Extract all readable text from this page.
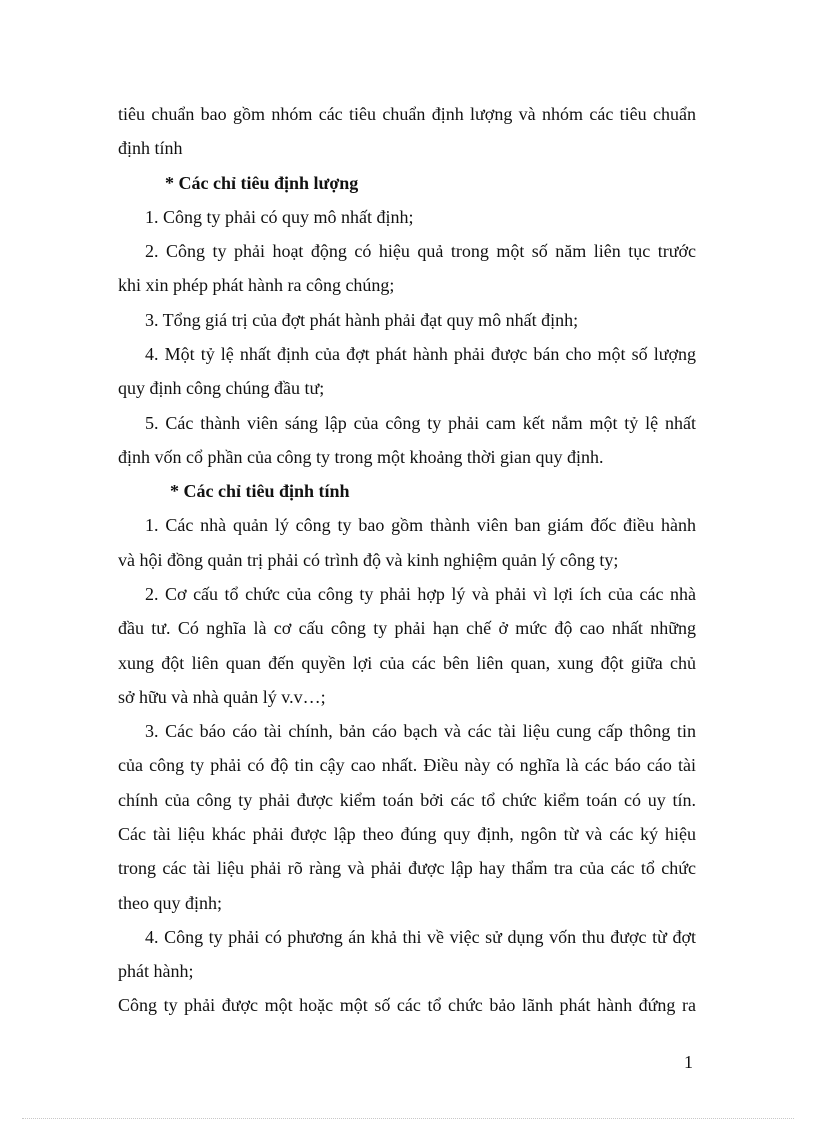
tiêu chuẩn bao gồm nhóm các tiêu chuẩn định lượng và nhóm các tiêu chuẩn
định tính
* Các chỉ tiêu định lượng
1. Công ty phải có quy mô nhất định;
2. Công ty phải hoạt động có hiệu quả trong một số năm liên tục trước
khi xin phép phát hành ra công chúng;
3. Tổng giá trị của đợt phát hành phải đạt quy mô nhất định;
4. Một tỷ lệ nhất định của đợt phát hành phải được bán cho một số lượng
quy định công chúng đầu tư;
5. Các thành viên sáng lập của công ty phải cam kết nắm một tỷ lệ nhất
định vốn cổ phần của công ty trong một khoảng thời gian quy định.
* Các chỉ tiêu định tính
1. Các nhà quản lý công ty bao gồm thành viên ban giám đốc điều hành
và hội đồng quản trị phải có trình độ và kinh nghiệm quản lý công ty;
2. Cơ cấu tổ chức của công ty phải hợp lý và phải vì lợi ích của các nhà
đầu tư. Có nghĩa là cơ cấu công ty phải hạn chế ở mức độ cao nhất những
xung đột liên quan đến quyền lợi của các bên liên quan, xung đột giữa chủ
sở hữu và nhà quản lý v.v…;
3. Các báo cáo tài chính, bản cáo bạch và các tài liệu cung cấp thông tin
của công ty phải có độ tin cậy cao nhất. Điều này có nghĩa là các báo cáo tài
chính của công ty phải được kiểm toán bởi các tổ chức kiểm toán có uy tín.
Các tài liệu khác phải được lập theo đúng quy định, ngôn từ và các ký hiệu
trong các tài liệu phải rõ ràng và phải được lập hay thẩm tra của các tổ chức
theo quy định;
4. Công ty phải có phương án khả thi về việc sử dụng vốn thu được từ đợt
phát hành;
Công ty phải được một hoặc một số các tổ chức bảo lãnh phát hành đứng ra
1
